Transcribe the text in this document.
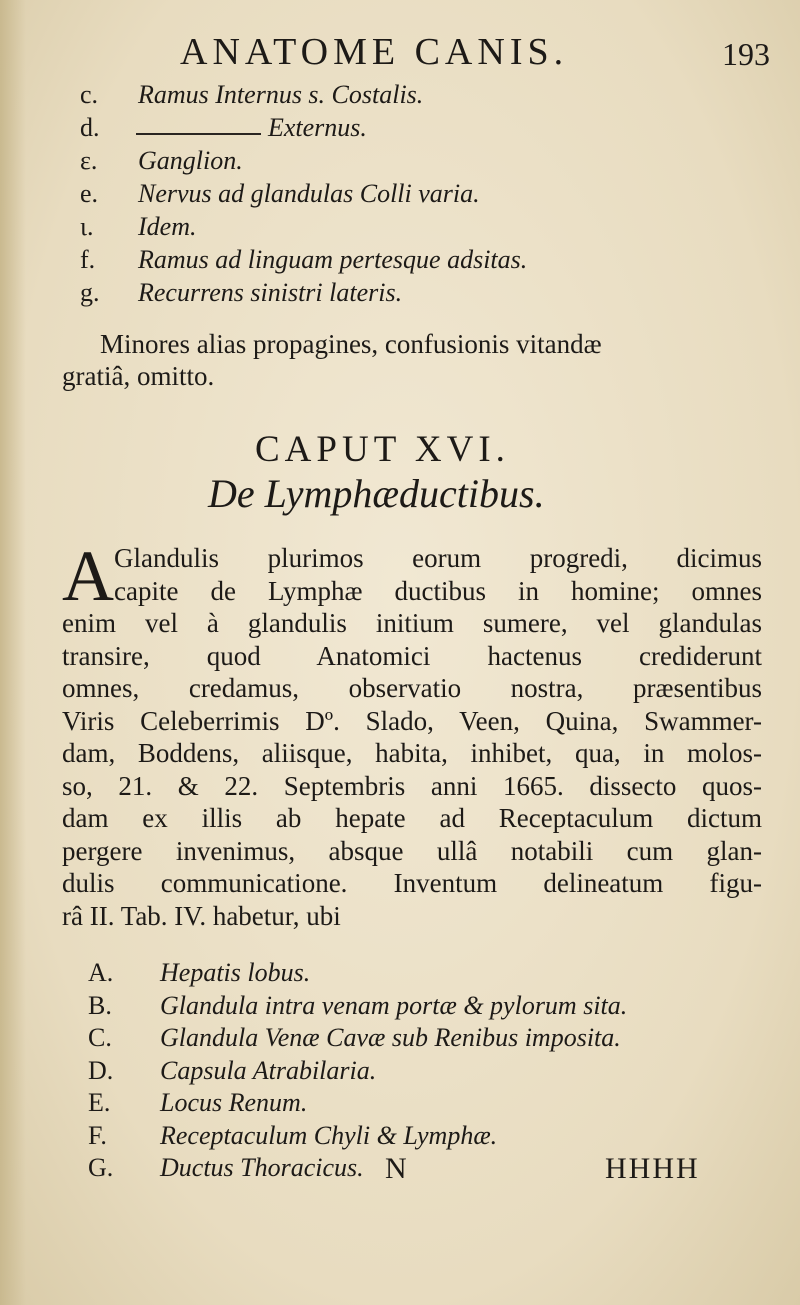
ANATOME CANIS.	193
c.	Ramus Internus s. Costalis.
d.	Externus.
ε.	Ganglion.
e.	Nervus ad glandulas Colli varia.
ι.	Idem.
f.	Ramus ad linguam pertesque adsitas.
g.	Recurrens sinistri lateris.
Minores alias propagines, confusionis vitandæ
gratiâ, omitto.
CAPUT XVI.
De Lymphæductibus.
A Glandulis plurimos eorum progredi, dicimus
capite de Lymphæ ductibus in homine; omnes
enim vel à glandulis initium sumere, vel glandulas
transire, quod Anatomici hactenus crediderunt
omnes, credamus, observatio nostra, præsentibus
Viris Celeberrimis Dº. Slado, Veen, Quina, Swammer-
dam, Boddens, aliisque, habita, inhibet, qua, in molos-
so, 21. & 22. Septembris anni 1665. dissecto quos-
dam ex illis ab hepate ad Receptaculum dictum
pergere invenimus, absque ullâ notabili cum glan-
dulis communicatione. Inventum delineatum figu-
râ II. Tab. IV. habetur, ubi
A. Hepatis lobus.
B. Glandula intra venam portæ & pylorum sita.
C. Glandula Venæ Cavæ sub Renibus imposita.
D. Capsula Atrabilaria.
E. Locus Renum.
F. Receptaculum Chyli & Lymphæ.
G. Ductus Thoracicus. N	HHHH
